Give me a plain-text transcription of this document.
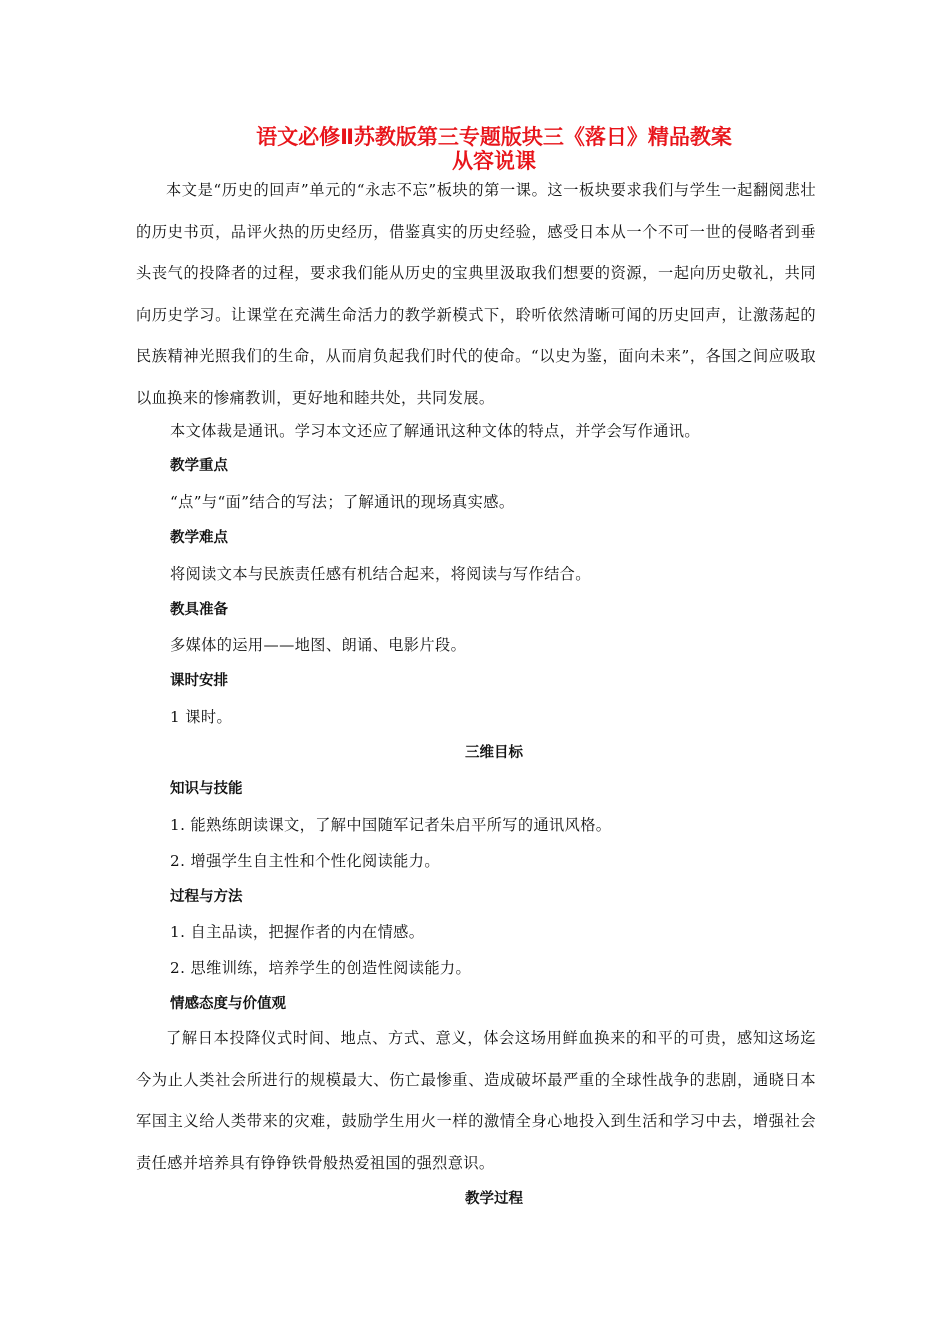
语文必修Ⅱ苏教版第三专题版块三《落日》精品教案
从容说课
本文是“历史的回声”单元的“永志不忘”板块的第一课。这一板块要求我们与学生一起翻阅悲壮的历史书页，品评火热的历史经历，借鉴真实的历史经验，感受日本从一个不可一世的侵略者到垂头丧气的投降者的过程，要求我们能从历史的宝典里汲取我们想要的资源，一起向历史敬礼，共同向历史学习。让课堂在充满生命活力的教学新模式下，聆听依然清晰可闻的历史回声，让激荡起的民族精神光照我们的生命，从而肩负起我们时代的使命。“以史为鉴，面向未来”，各国之间应吸取以血换来的惨痛教训，更好地和睦共处，共同发展。
本文体裁是通讯。学习本文还应了解通讯这种文体的特点，并学会写作通讯。
教学重点
“点”与“面”结合的写法；了解通讯的现场真实感。
教学难点
将阅读文本与民族责任感有机结合起来，将阅读与写作结合。
教具准备
多媒体的运用——地图、朗诵、电影片段。
课时安排
1 课时。
三维目标
知识与技能
1. 能熟练朗读课文，了解中国随军记者朱启平所写的通讯风格。
2. 增强学生自主性和个性化阅读能力。
过程与方法
1. 自主品读，把握作者的内在情感。
2. 思维训练，培养学生的创造性阅读能力。
情感态度与价值观
了解日本投降仪式时间、地点、方式、意义，体会这场用鲜血换来的和平的可贵，感知这场迄今为止人类社会所进行的规模最大、伤亡最惨重、造成破坏最严重的全球性战争的悲剧，通晓日本军国主义给人类带来的灾难，鼓励学生用火一样的激情全身心地投入到生活和学习中去，增强社会责任感并培养具有铮铮铁骨般热爱祖国的强烈意识。
教学过程
